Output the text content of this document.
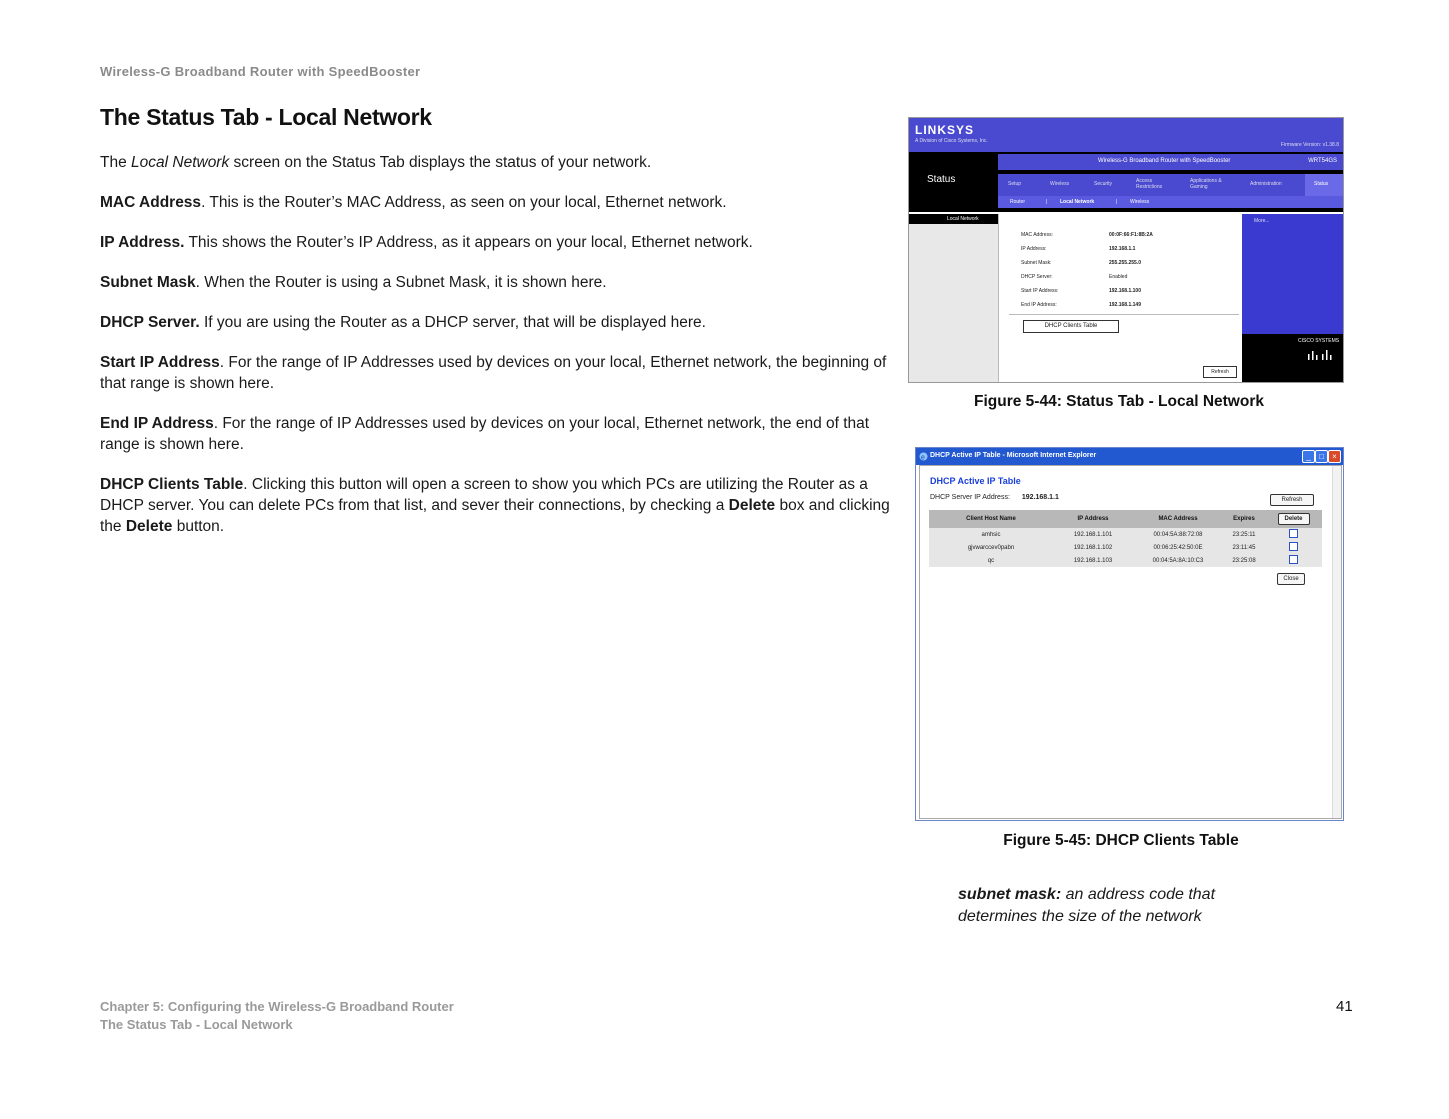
Wireless-G Broadband Router with SpeedBooster
The Status Tab - Local Network

The Local Network screen on the Status Tab displays the status of your network.

MAC Address. This is the Router’s MAC Address, as seen on your local, Ethernet network.

IP Address. This shows the Router’s IP Address, as it appears on your local, Ethernet network.

Subnet Mask. When the Router is using a Subnet Mask, it is shown here.

DHCP Server. If you are using the Router as a DHCP server, that will be displayed here.

Start IP Address. For the range of IP Addresses used by devices on your local, Ethernet network, the beginning of that range is shown here.

End IP Address. For the range of IP Addresses used by devices on your local, Ethernet network, the end of that range is shown here.

DHCP Clients Table. Clicking this button will open a screen to show you which PCs are utilizing the Router as a DHCP server. You can delete PCs from that list, and sever their connections, by checking a Delete box and clicking the Delete button.

LINKSYS
A Division of Cisco Systems, Inc.
Firmware Version: v1.38.8
Status
Wireless-G Broadband Router with SpeedBooster	WRT54GS
Setup	Wireless	Security	Access Restrictions
Applications & Gaming	Administration	Status
Router	|	Local Network	|	Wireless
Local Network
MAC Address:	00:0F:66:F1:8B:2A
IP Address:	192.168.1.1
Subnet Mask:	255.255.255.0
DHCP Server:	Enabled
Start IP Address:	192.168.1.100
End IP Address:	192.168.1.149
DHCP Clients Table
Refresh
More...
CISCO SYSTEMS
Figure 5-44: Status Tab - Local Network
e DHCP Active IP Table - Microsoft Internet Explorer	_	□	×
DHCP Active IP Table
DHCP Server IP Address: 192.168.1.1	Refresh
Client Host Name	IP Address	MAC Address	Expires	Delete
amhsic	192.168.1.101	00:04:5A:88:72:08	23:25:11	
gjvwarccev0pabn	192.168.1.102	00:06:25:42:50:0E	23:11:45	
qc	192.168.1.103	00:04:5A:8A:10:C3	23:25:08	
Close
Figure 5-45: DHCP Clients Table
subnet mask: an address code that
determines the size of the network
Chapter 5: Configuring the Wireless-G Broadband Router
The Status Tab - Local Network
41
